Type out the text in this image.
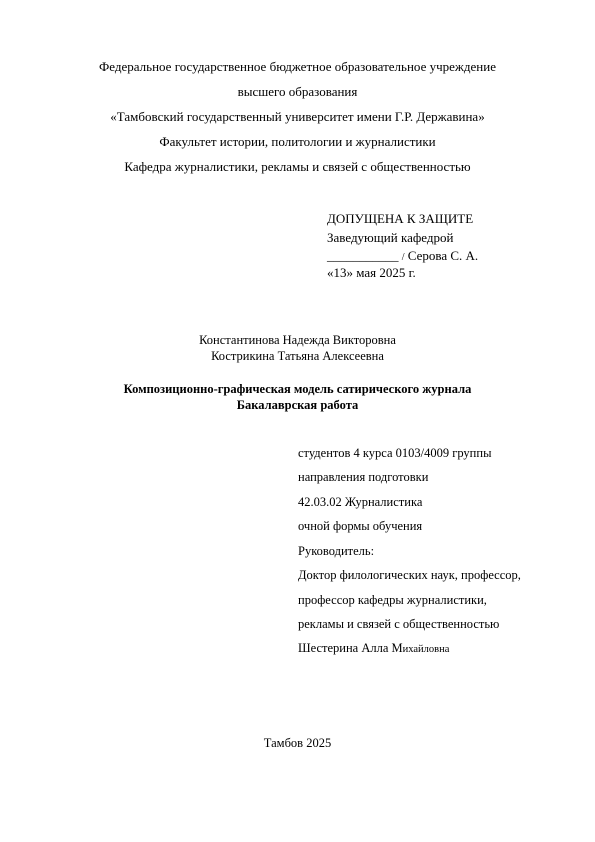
Федеральное государственное бюджетное образовательное учреждение
высшего образования
«Тамбовский государственный университет имени Г.Р. Державина»
Факультет истории, политологии и журналистики
Кафедра журналистики, рекламы и связей с общественностью
ДОПУЩЕНА К ЗАЩИТЕ
Заведующий кафедрой
___________ / Серова С. А.
«13» мая 2025 г.
Константинова Надежда Викторовна
Кострикина Татьяна Алексеевна
Композиционно-графическая модель сатирического журнала
Бакалаврская работа
студентов 4 курса 0103/4009 группы
направления подготовки
42.03.02 Журналистика
очной формы обучения
Руководитель:
Доктор филологических наук, профессор,
профессор кафедры журналистики,
рекламы и связей с общественностью
Шестерина Алла Михайловна
Тамбов 2025
